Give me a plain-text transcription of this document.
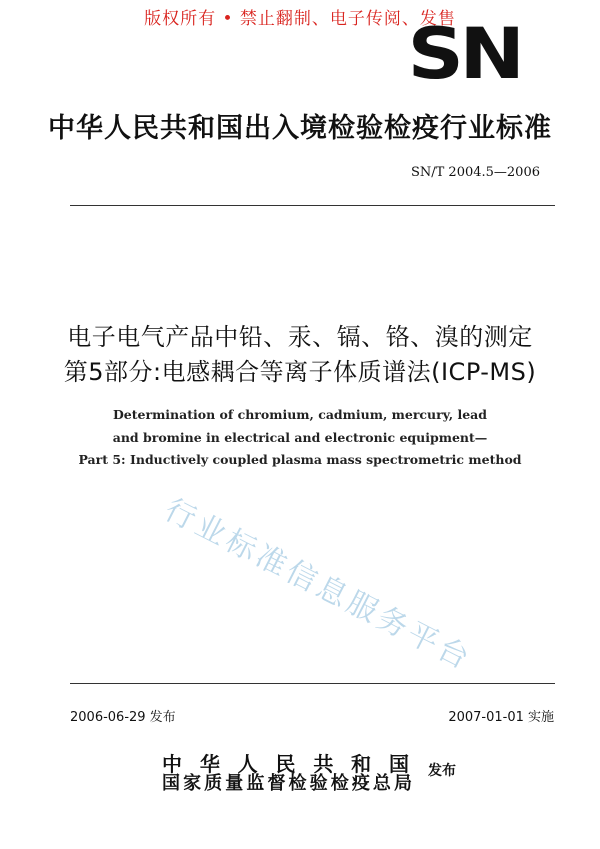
版权所有 • 禁止翻制、电子传阅、发售
SN
中华人民共和国出入境检验检疫行业标准
SN/T 2004.5—2006
电子电气产品中铅、汞、镉、铬、溴的测定
第5部分:电感耦合等离子体质谱法(ICP-MS)
Determination of chromium, cadmium, mercury, lead
and bromine in electrical and electronic equipment—
Part 5: Inductively coupled plasma mass spectrometric method
行业标准信息服务平台
2006-06-29 发布	2007-01-01 实施
中华人民共和国
国家质量监督检验检疫总局
发布
